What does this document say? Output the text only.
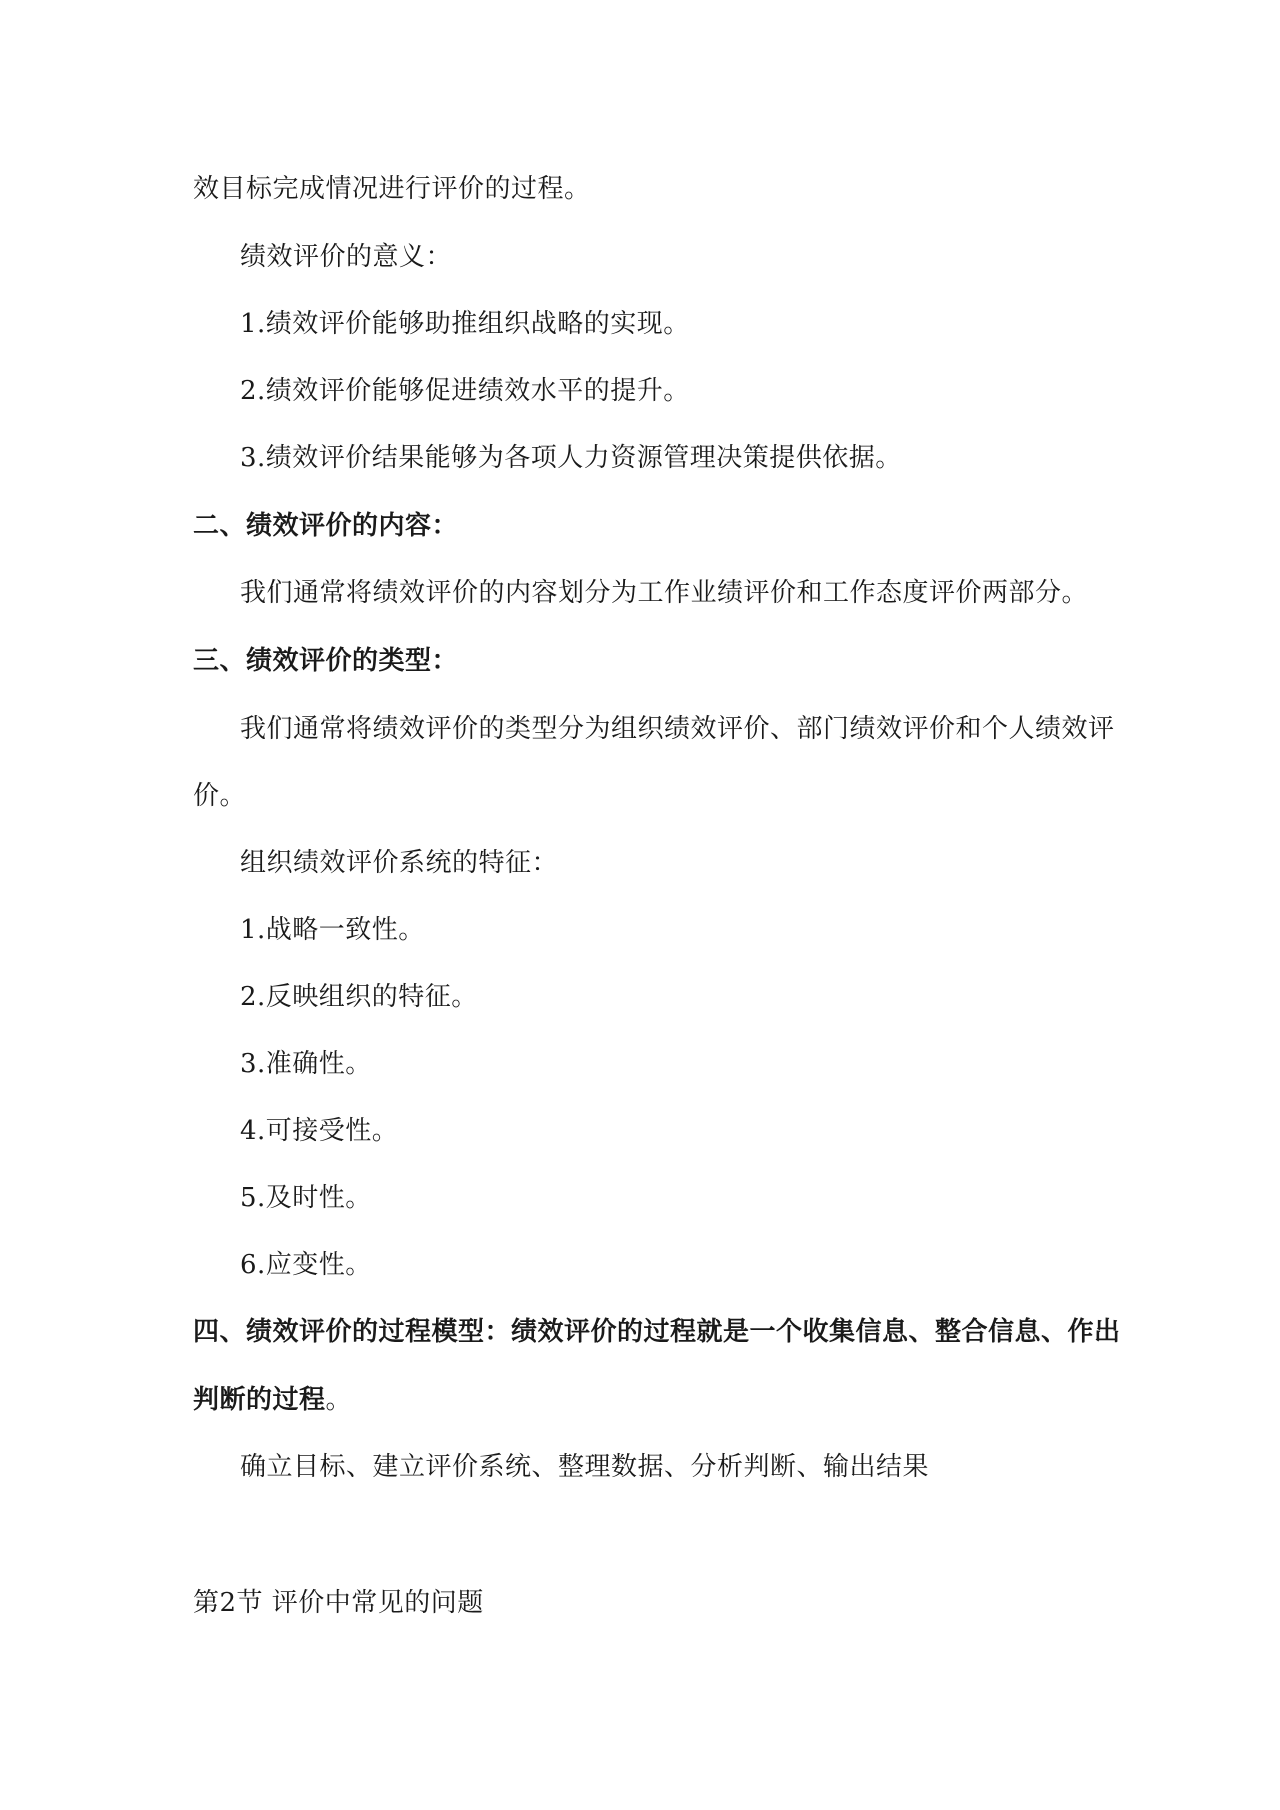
效目标完成情况进行评价的过程。
绩效评价的意义：
1.绩效评价能够助推组织战略的实现。
2.绩效评价能够促进绩效水平的提升。
3.绩效评价结果能够为各项人力资源管理决策提供依据。
二、绩效评价的内容：
我们通常将绩效评价的内容划分为工作业绩评价和工作态度评价两部分。
三、绩效评价的类型：
我们通常将绩效评价的类型分为组织绩效评价、部门绩效评价和个人绩效评
价。
组织绩效评价系统的特征：
1.战略一致性。
2.反映组织的特征。
3.准确性。
4.可接受性。
5.及时性。
6.应变性。
四、绩效评价的过程模型：绩效评价的过程就是一个收集信息、整合信息、作出
判断的过程。
确立目标、建立评价系统、整理数据、分析判断、输出结果
第2节 评价中常见的问题
